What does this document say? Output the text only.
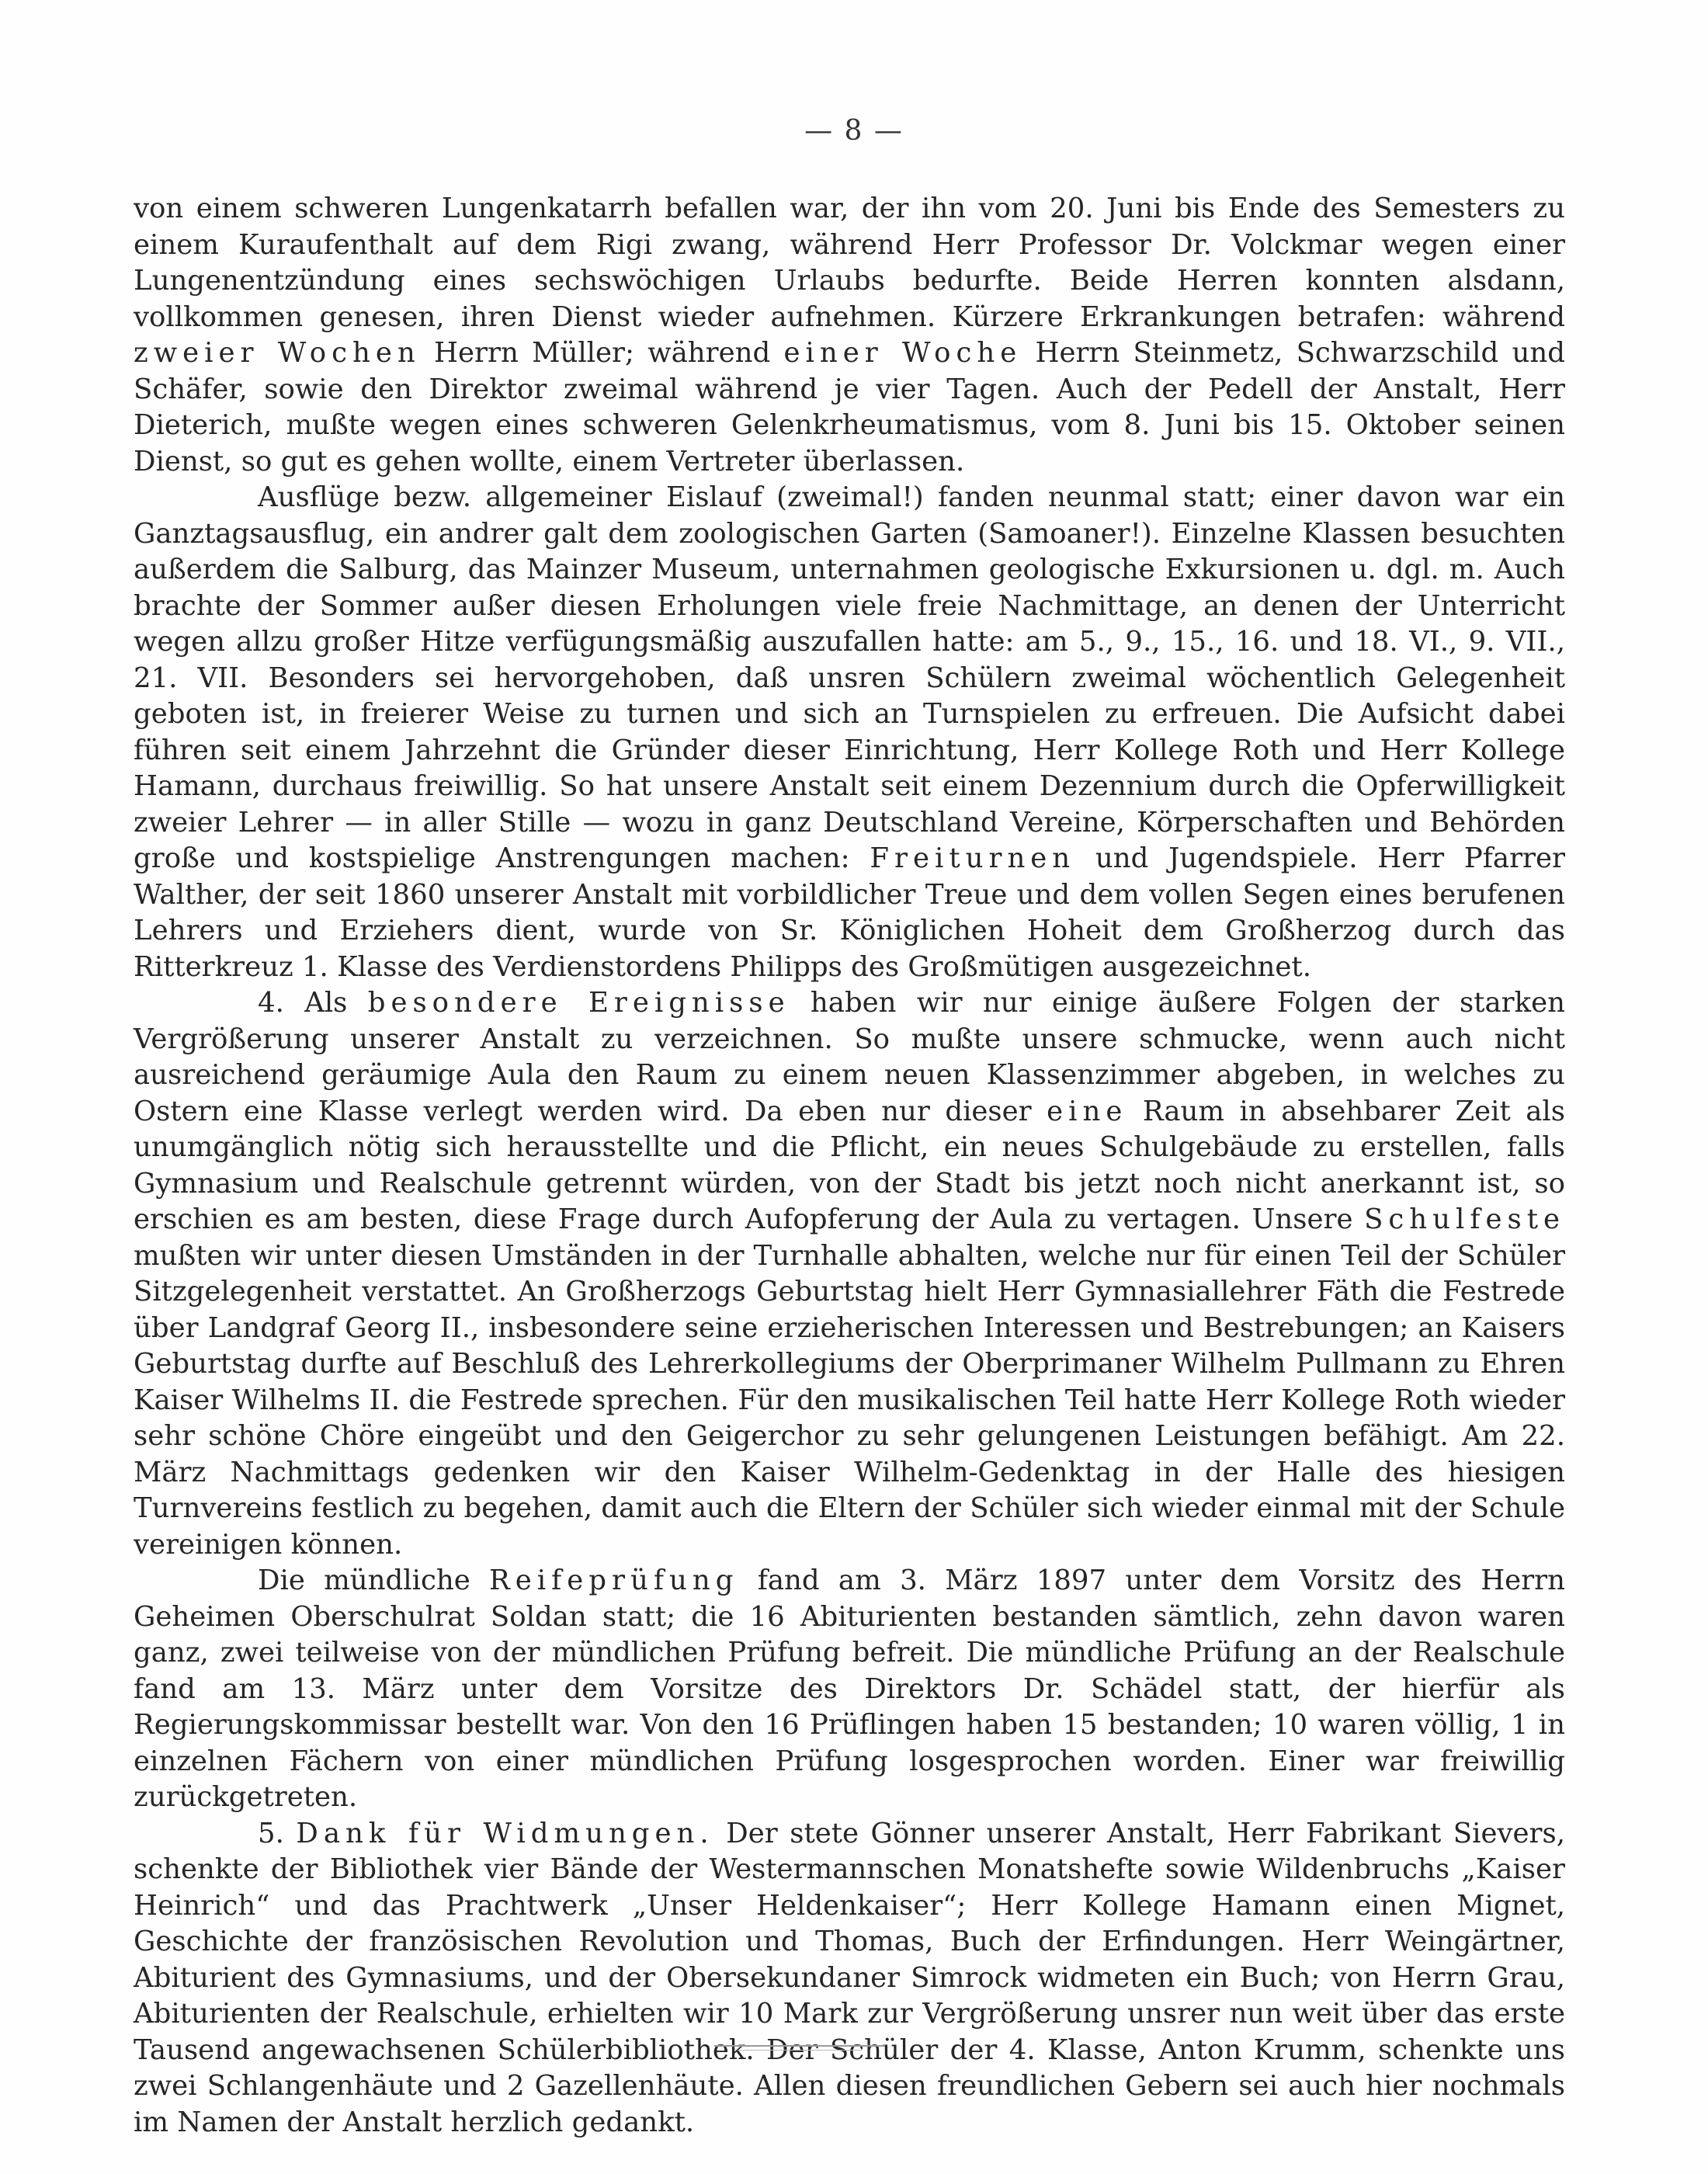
— 8 —

von einem schweren Lungenkatarrh befallen war, der ihn vom 20. Juni bis Ende des Semesters zu einem Kuraufenthalt auf dem Rigi zwang, während Herr Professor Dr. Volckmar wegen einer Lungenentzündung eines sechswöchigen Urlaubs bedurfte. Beide Herren konnten alsdann, vollkommen genesen, ihren Dienst wieder aufnehmen. Kürzere Erkrankungen betrafen: während zweier Wochen Herrn Müller; während einer Woche Herrn Steinmetz, Schwarzschild und Schäfer, sowie den Direktor zweimal während je vier Tagen. Auch der Pedell der Anstalt, Herr Dieterich, mußte wegen eines schweren Gelenkrheumatismus, vom 8. Juni bis 15. Oktober seinen Dienst, so gut es gehen wollte, einem Vertreter überlassen.

Ausflüge bezw. allgemeiner Eislauf (zweimal!) fanden neunmal statt; einer davon war ein Ganztagsausflug, ein andrer galt dem zoologischen Garten (Samoaner!). Einzelne Klassen besuchten außerdem die Salburg, das Mainzer Museum, unternahmen geologische Exkursionen u. dgl. m. Auch brachte der Sommer außer diesen Erholungen viele freie Nachmittage, an denen der Unterricht wegen allzu großer Hitze verfügungsmäßig auszufallen hatte: am 5., 9., 15., 16. und 18. VI., 9. VII., 21. VII. Besonders sei hervorgehoben, daß unsren Schülern zweimal wöchentlich Gelegenheit geboten ist, in freierer Weise zu turnen und sich an Turnspielen zu erfreuen. Die Aufsicht dabei führen seit einem Jahrzehnt die Gründer dieser Einrichtung, Herr Kollege Roth und Herr Kollege Hamann, durchaus freiwillig. So hat unsere Anstalt seit einem Dezennium durch die Opferwilligkeit zweier Lehrer — in aller Stille — wozu in ganz Deutschland Vereine, Körperschaften und Behörden große und kostspielige Anstrengungen machen: Freiturnen und Jugendspiele. Herr Pfarrer Walther, der seit 1860 unserer Anstalt mit vorbildlicher Treue und dem vollen Segen eines berufenen Lehrers und Erziehers dient, wurde von Sr. Königlichen Hoheit dem Großherzog durch das Ritterkreuz 1. Klasse des Verdienstordens Philipps des Großmütigen ausgezeichnet.

4. Als besondere Ereignisse haben wir nur einige äußere Folgen der starken Vergrößerung unserer Anstalt zu verzeichnen. So mußte unsere schmucke, wenn auch nicht ausreichend geräumige Aula den Raum zu einem neuen Klassenzimmer abgeben, in welches zu Ostern eine Klasse verlegt werden wird. Da eben nur dieser eine Raum in absehbarer Zeit als unumgänglich nötig sich herausstellte und die Pflicht, ein neues Schulgebäude zu erstellen, falls Gymnasium und Realschule getrennt würden, von der Stadt bis jetzt noch nicht anerkannt ist, so erschien es am besten, diese Frage durch Aufopferung der Aula zu vertagen. Unsere Schulfeste mußten wir unter diesen Umständen in der Turnhalle abhalten, welche nur für einen Teil der Schüler Sitzgelegenheit verstattet. An Großherzogs Geburtstag hielt Herr Gymnasiallehrer Fäth die Festrede über Landgraf Georg II., insbesondere seine erzieherischen Interessen und Bestrebungen; an Kaisers Geburtstag durfte auf Beschluß des Lehrerkollegiums der Oberprimaner Wilhelm Pullmann zu Ehren Kaiser Wilhelms II. die Festrede sprechen. Für den musikalischen Teil hatte Herr Kollege Roth wieder sehr schöne Chöre eingeübt und den Geigerchor zu sehr gelungenen Leistungen befähigt. Am 22. März Nachmittags gedenken wir den Kaiser Wilhelm-Gedenktag in der Halle des hiesigen Turnvereins festlich zu begehen, damit auch die Eltern der Schüler sich wieder einmal mit der Schule vereinigen können.

Die mündliche Reifeprüfung fand am 3. März 1897 unter dem Vorsitz des Herrn Geheimen Oberschulrat Soldan statt; die 16 Abiturienten bestanden sämtlich, zehn davon waren ganz, zwei teilweise von der mündlichen Prüfung befreit. Die mündliche Prüfung an der Realschule fand am 13. März unter dem Vorsitze des Direktors Dr. Schädel statt, der hierfür als Regierungskommissar bestellt war. Von den 16 Prüflingen haben 15 bestanden; 10 waren völlig, 1 in einzelnen Fächern von einer mündlichen Prüfung losgesprochen worden. Einer war freiwillig zurückgetreten.

5. Dank für Widmungen. Der stete Gönner unserer Anstalt, Herr Fabrikant Sievers, schenkte der Bibliothek vier Bände der Westermannschen Monatshefte sowie Wildenbruchs „Kaiser Heinrich“ und das Prachtwerk „Unser Heldenkaiser“; Herr Kollege Hamann einen Mignet, Geschichte der französischen Revolution und Thomas, Buch der Erfindungen. Herr Weingärtner, Abiturient des Gymnasiums, und der Obersekundaner Simrock widmeten ein Buch; von Herrn Grau, Abiturienten der Realschule, erhielten wir 10 Mark zur Vergrößerung unsrer nun weit über das erste Tausend angewachsenen Schülerbibliothek. Der Schüler der 4. Klasse, Anton Krumm, schenkte uns zwei Schlangenhäute und 2 Gazellenhäute. Allen diesen freundlichen Gebern sei auch hier nochmals im Namen der Anstalt herzlich gedankt.
